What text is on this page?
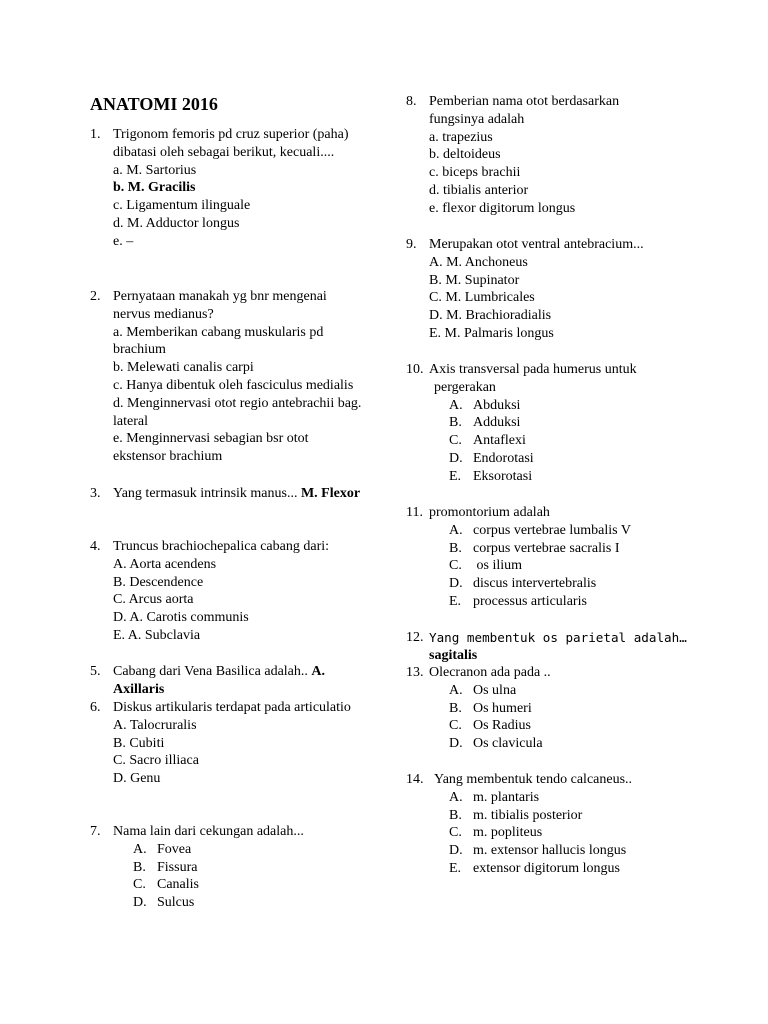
ANATOMI 2016
1. Trigonom femoris pd cruz superior (paha) dibatasi oleh sebagai berikut, kecuali....
a. M. Sartorius
b. M. Gracilis
c. Ligamentum ilinguale
d. M. Adductor longus
e. –
2. Pernyataan manakah yg bnr mengenai nervus medianus?
a. Memberikan cabang muskularis pd brachium
b. Melewati canalis carpi
c. Hanya dibentuk oleh fasciculus medialis
d. Menginnervasi otot regio antebrachii bag. lateral
e. Menginnervasi sebagian bsr otot ekstensor brachium
3. Yang termasuk intrinsik manus... M. Flexor
4. Truncus brachiochepalica cabang dari:
A. Aorta acendens
B. Descendence
C. Arcus aorta
D. A. Carotis communis
E. A. Subclavia
5. Cabang dari Vena Basilica adalah.. A. Axillaris
6. Diskus artikularis terdapat pada articulatio
A. Talocruralis
B. Cubiti
C. Sacro illiaca
D. Genu
7. Nama lain dari cekungan adalah...
A. Fovea
B. Fissura
C. Canalis
D. Sulcus
8. Pemberian nama otot berdasarkan fungsinya adalah
a. trapezius
b. deltoideus
c. biceps brachii
d. tibialis anterior
e. flexor digitorum longus
9. Merupakan otot ventral antebracium...
A. M. Anchoneus
B. M. Supinator
C. M. Lumbricales
D. M. Brachioradialis
E. M. Palmaris longus
10. Axis transversal pada humerus untuk pergerakan
A. Abduksi
B. Adduksi
C. Antaflexi
D. Endorotasi
E. Eksorotasi
11. promontorium adalah
A. corpus vertebrae lumbalis V
B. corpus vertebrae sacralis I
C. os ilium
D. discus intervertebralis
E. processus articularis
12. Yang membentuk os parietal adalah…
sagitalis
13. Olecranon ada pada ..
A. Os ulna
B. Os humeri
C. Os Radius
D. Os clavicula
14. Yang membentuk tendo calcaneus..
A. m. plantaris
B. m. tibialis posterior
C. m. popliteus
D. m. extensor hallucis longus
E. extensor digitorum longus
